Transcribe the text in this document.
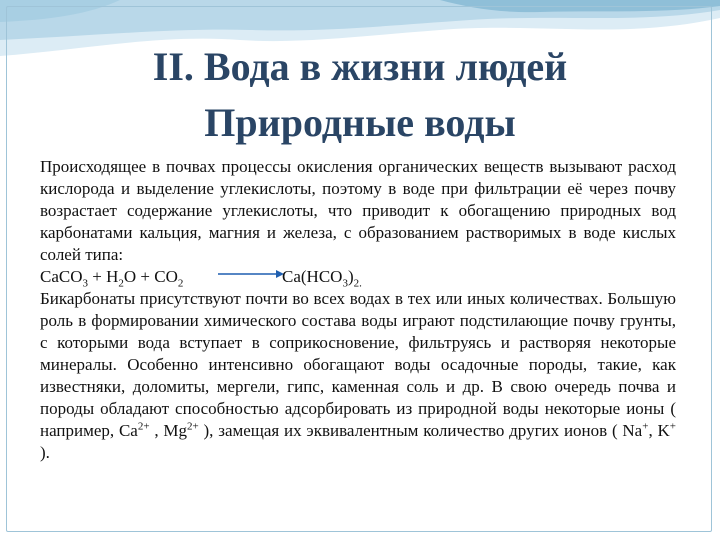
II. Вода в жизни людей
Природные воды

Происходящее в почвах процессы окисления органических веществ вызывают расход кислорода и выделение углекислоты, поэтому в воде при фильтрации её через почву возрастает содержание углекислоты, что приводит к обогащению природных вод карбонатами кальция, магния и железа, с образованием растворимых в воде кислых солей типа:

CaCO$_3$ + $H_2O + CO_2$	$Ca(HCO_3)_{2.}$

Бикарбонаты присутствуют почти во всех водах в тех или иных количествах. Большую роль в формировании химического состава воды играют подстилающие почву грунты, с которыми вода вступает в соприкосновение, фильтруясь и растворяя некоторые минералы. Особенно интенсивно обогащают воды осадочные породы, такие, как известняки, доломиты, мергели, гипс, каменная соль и др. В свою очередь почва и породы обладают способностью адсорбировать из природной воды некоторые ионы ( например, $Ca^{2+}$ , $Mg^{2+}$ ), замещая их эквивалентным количество других ионов ( Na+, K+ ).
